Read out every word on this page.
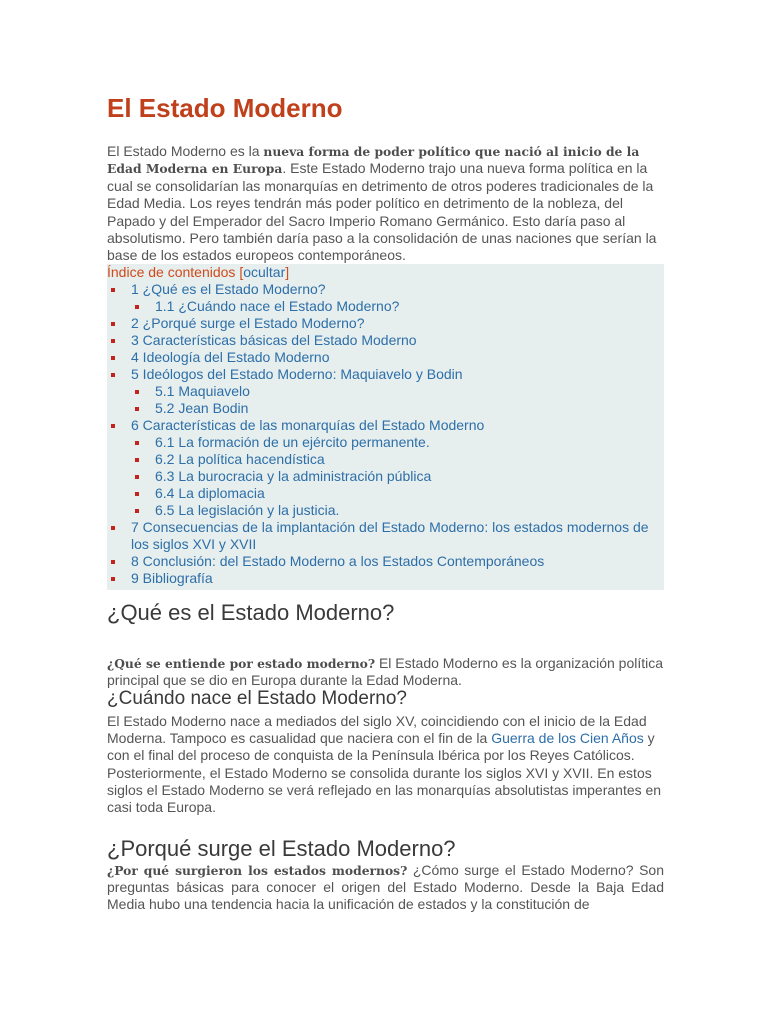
El Estado Moderno

El Estado Moderno es la nueva forma de poder político que nació al inicio de la Edad Moderna en Europa. Este Estado Moderno trajo una nueva forma política en la cual se consolidarían las monarquías en detrimento de otros poderes tradicionales de la Edad Media. Los reyes tendrán más poder político en detrimento de la nobleza, del Papado y del Emperador del Sacro Imperio Romano Germánico. Esto daría paso al absolutismo. Pero también daría paso a la consolidación de unas naciones que serían la base de los estados europeos contemporáneos.

Índice de contenidos [ocultar]
1 ¿Qué es el Estado Moderno?
1.1 ¿Cuándo nace el Estado Moderno?
2 ¿Porqué surge el Estado Moderno?
3 Características básicas del Estado Moderno
4 Ideología del Estado Moderno
5 Ideólogos del Estado Moderno: Maquiavelo y Bodin
5.1 Maquiavelo
5.2 Jean Bodin
6 Características de las monarquías del Estado Moderno
6.1 La formación de un ejército permanente.
6.2 La política hacendística
6.3 La burocracia y la administración pública
6.4 La diplomacia
6.5 La legislación y la justicia.
7 Consecuencias de la implantación del Estado Moderno: los estados modernos de los siglos XVI y XVII
8 Conclusión: del Estado Moderno a los Estados Contemporáneos
9 Bibliografía
¿Qué es el Estado Moderno?

¿Qué se entiende por estado moderno? El Estado Moderno es la organización política principal que se dio en Europa durante la Edad Moderna.

¿Cuándo nace el Estado Moderno?

El Estado Moderno nace a mediados del siglo XV, coincidiendo con el inicio de la Edad Moderna. Tampoco es casualidad que naciera con el fin de la Guerra de los Cien Años y con el final del proceso de conquista de la Península Ibérica por los Reyes Católicos. Posteriormente, el Estado Moderno se consolida durante los siglos XVI y XVII. En estos siglos el Estado Moderno se verá reflejado en las monarquías absolutistas imperantes en casi toda Europa.

¿Porqué surge el Estado Moderno?

¿Por qué surgieron los estados modernos? ¿Cómo surge el Estado Moderno? Son preguntas básicas para conocer el origen del Estado Moderno. Desde la Baja Edad Media hubo una tendencia hacia la unificación de estados y la constitución de
